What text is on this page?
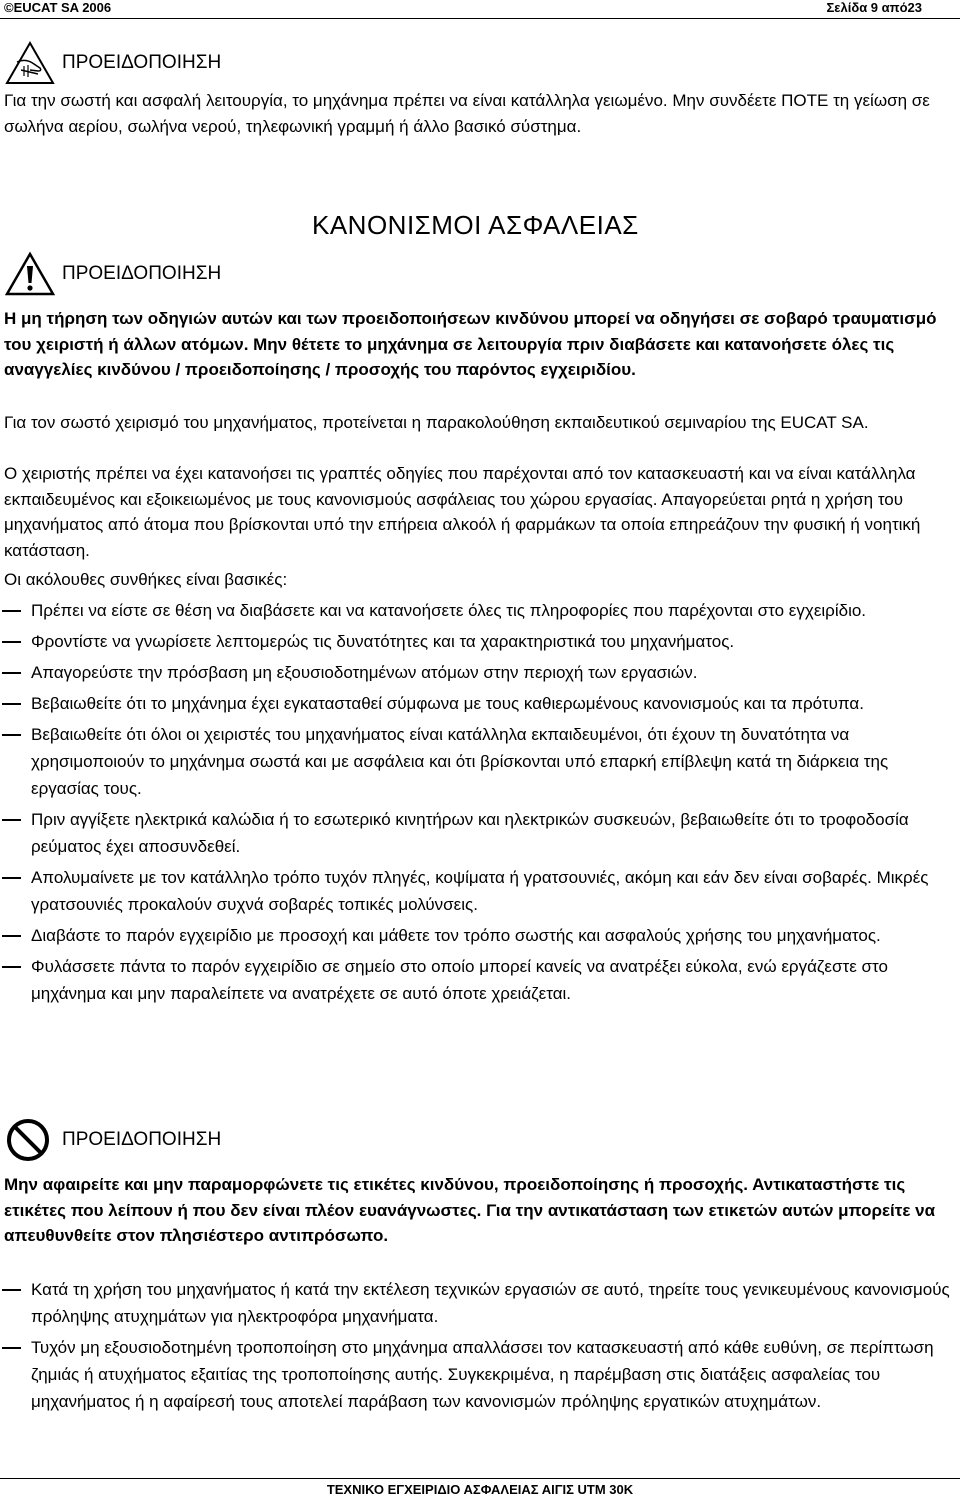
©EUCAT SA 2006	Σελίδα 9 από23
ΠΡΟΕΙΔΟΠΟΙΗΣΗ

Για την σωστή και ασφαλή λειτουργία, το μηχάνημα πρέπει να είναι κατάλληλα γειωμένο. Μην συνδέετε ΠΟΤΕ τη γείωση σε σωλήνα αερίου, σωλήνα νερού, τηλεφωνική γραμμή ή άλλο βασικό σύστημα.

ΚΑΝΟΝΙΣΜΟΙ ΑΣΦΑΛΕΙΑΣ
ΠΡΟΕΙΔΟΠΟΙΗΣΗ

Η μη τήρηση των οδηγιών αυτών και των προειδοποιήσεων κινδύνου μπορεί να οδηγήσει σε σοβαρό τραυματισμό του χειριστή ή άλλων ατόμων. Μην θέτετε το μηχάνημα σε λειτουργία πριν διαβάσετε και κατανοήσετε όλες τις αναγγελίες κινδύνου / προειδοποίησης / προσοχής του παρόντος εγχειριδίου.

Για τον σωστό χειρισμό του μηχανήματος, προτείνεται η παρακολούθηση εκπαιδευτικού σεμιναρίου της EUCAT SA.

Ο χειριστής πρέπει να έχει κατανοήσει τις γραπτές οδηγίες που παρέχονται από τον κατασκευαστή και να είναι κατάλληλα εκπαιδευμένος και εξοικειωμένος με τους κανονισμούς ασφάλειας του χώρου εργασίας. Απαγορεύεται ρητά η χρήση του μηχανήματος από άτομα που βρίσκονται υπό την επήρεια αλκοόλ ή φαρμάκων τα οποία επηρεάζουν την φυσική ή νοητική κατάσταση.

Οι ακόλουθες συνθήκες είναι βασικές:

Πρέπει να είστε σε θέση να διαβάσετε και να κατανοήσετε όλες τις πληροφορίες που παρέχονται στο εγχειρίδιο.
Φροντίστε να γνωρίσετε λεπτομερώς τις δυνατότητες και τα χαρακτηριστικά του μηχανήματος.
Απαγορεύστε την πρόσβαση μη εξουσιοδοτημένων ατόμων στην περιοχή των εργασιών.
Βεβαιωθείτε ότι το μηχάνημα έχει εγκατασταθεί σύμφωνα με τους καθιερωμένους κανονισμούς και τα πρότυπα.
Βεβαιωθείτε ότι όλοι οι χειριστές του μηχανήματος είναι κατάλληλα εκπαιδευμένοι, ότι έχουν τη δυνατότητα να χρησιμοποιούν το μηχάνημα σωστά και με ασφάλεια και ότι βρίσκονται υπό επαρκή επίβλεψη κατά τη διάρκεια της εργασίας τους.
Πριν αγγίξετε ηλεκτρικά καλώδια ή το εσωτερικό κινητήρων και ηλεκτρικών συσκευών, βεβαιωθείτε ότι το τροφοδοσία ρεύματος έχει αποσυνδεθεί.
Απολυμαίνετε με τον κατάλληλο τρόπο τυχόν πληγές, κοψίματα ή γρατσουνιές, ακόμη και εάν δεν είναι σοβαρές. Μικρές γρατσουνιές προκαλούν συχνά σοβαρές τοπικές μολύνσεις.
Διαβάστε το παρόν εγχειρίδιο με προσοχή και μάθετε τον τρόπο σωστής και ασφαλούς χρήσης του μηχανήματος.
Φυλάσσετε πάντα το παρόν εγχειρίδιο σε σημείο στο οποίο μπορεί κανείς να ανατρέξει εύκολα, ενώ εργάζεστε στο μηχάνημα και μην παραλείπετε να ανατρέχετε σε αυτό όποτε χρειάζεται.
ΠΡΟΕΙΔΟΠΟΙΗΣΗ

Μην αφαιρείτε και μην παραμορφώνετε τις ετικέτες κινδύνου, προειδοποίησης ή προσοχής. Αντικαταστήστε τις ετικέτες που λείπουν ή που δεν είναι πλέον ευανάγνωστες. Για την αντικατάσταση των ετικετών αυτών μπορείτε να απευθυνθείτε στον πλησιέστερο αντιπρόσωπο.

Κατά τη χρήση του μηχανήματος ή κατά την εκτέλεση τεχνικών εργασιών σε αυτό, τηρείτε τους γενικευμένους κανονισμούς πρόληψης ατυχημάτων για ηλεκτροφόρα μηχανήματα.
Τυχόν μη εξουσιοδοτημένη τροποποίηση στο μηχάνημα απαλλάσσει τον κατασκευαστή από κάθε ευθύνη, σε περίπτωση ζημιάς ή ατυχήματος εξαιτίας της τροποποίησης αυτής. Συγκεκριμένα, η παρέμβαση στις διατάξεις ασφαλείας του μηχανήματος ή η αφαίρεσή τους αποτελεί παράβαση των κανονισμών πρόληψης εργατικών ατυχημάτων.
ΤΕΧΝΙΚΟ ΕΓΧΕΙΡΙΔΙΟ ΑΣΦΑΛΕΙΑΣ ΑΙΓΙΣ UTM 30K
